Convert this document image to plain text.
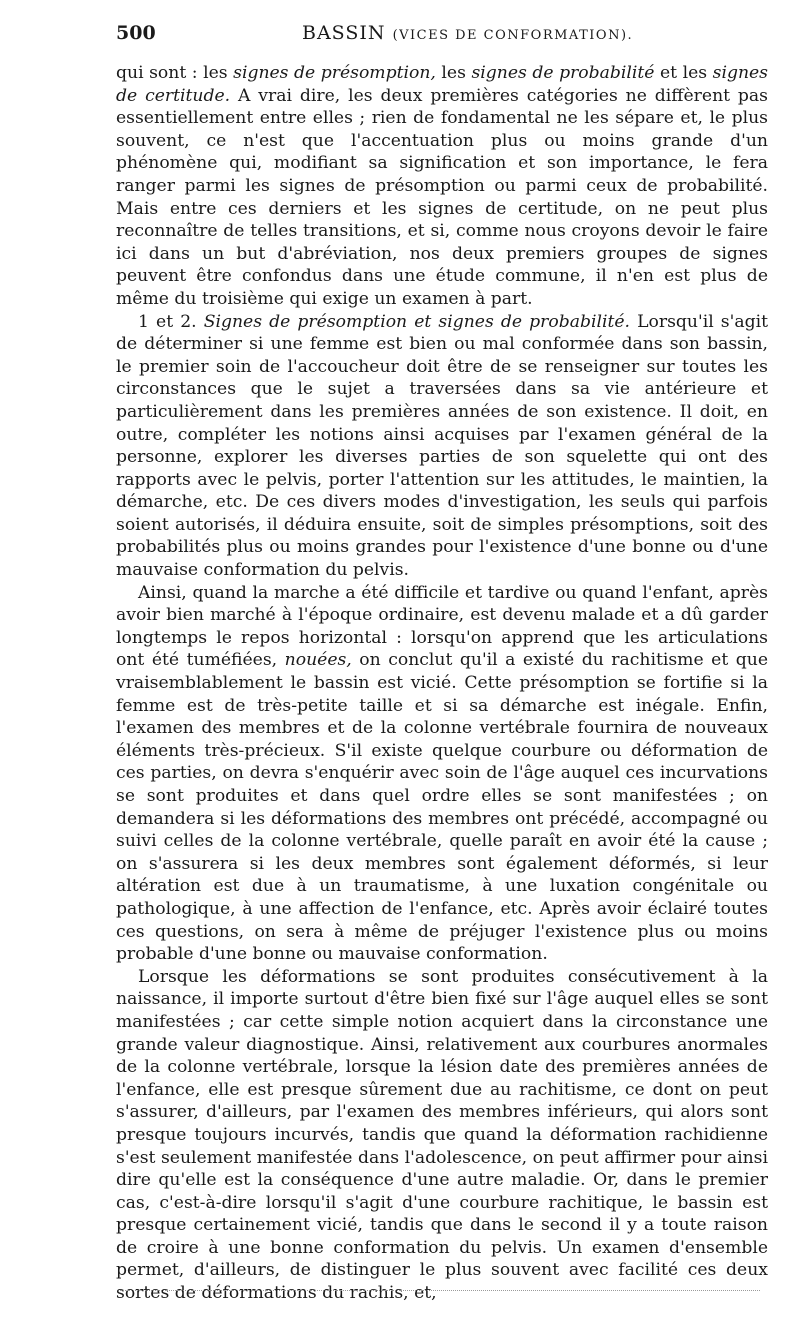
500	BASSIN (VICES DE CONFORMATION).

qui sont : les signes de présomption, les signes de probabilité et les signes de certitude. A vrai dire, les deux premières catégories ne diffèrent pas essentiellement entre elles ; rien de fondamental ne les sépare et, le plus souvent, ce n'est que l'accentuation plus ou moins grande d'un phénomène qui, modifiant sa signification et son importance, le fera ranger parmi les signes de présomption ou parmi ceux de probabilité. Mais entre ces derniers et les signes de certitude, on ne peut plus reconnaître de telles transitions, et si, comme nous croyons devoir le faire ici dans un but d'abréviation, nos deux premiers groupes de signes peuvent être confondus dans une étude commune, il n'en est plus de même du troisième qui exige un examen à part.

1 et 2. Signes de présomption et signes de probabilité. Lorsqu'il s'agit de déterminer si une femme est bien ou mal conformée dans son bassin, le premier soin de l'accoucheur doit être de se renseigner sur toutes les circonstances que le sujet a traversées dans sa vie antérieure et particulièrement dans les premières années de son existence. Il doit, en outre, compléter les notions ainsi acquises par l'examen général de la personne, explorer les diverses parties de son squelette qui ont des rapports avec le pelvis, porter l'attention sur les attitudes, le maintien, la démarche, etc. De ces divers modes d'investigation, les seuls qui parfois soient autorisés, il déduira ensuite, soit de simples présomptions, soit des probabilités plus ou moins grandes pour l'existence d'une bonne ou d'une mauvaise conformation du pelvis.

Ainsi, quand la marche a été difficile et tardive ou quand l'enfant, après avoir bien marché à l'époque ordinaire, est devenu malade et a dû garder longtemps le repos horizontal : lorsqu'on apprend que les articulations ont été tuméfiées, nouées, on conclut qu'il a existé du rachitisme et que vraisemblablement le bassin est vicié. Cette présomption se fortifie si la femme est de très-petite taille et si sa démarche est inégale. Enfin, l'examen des membres et de la colonne vertébrale fournira de nouveaux éléments très-précieux. S'il existe quelque courbure ou déformation de ces parties, on devra s'enquérir avec soin de l'âge auquel ces incurvations se sont produites et dans quel ordre elles se sont manifestées ; on demandera si les déformations des membres ont précédé, accompagné ou suivi celles de la colonne vertébrale, quelle paraît en avoir été la cause ; on s'assurera si les deux membres sont également déformés, si leur altération est due à un traumatisme, à une luxation congénitale ou pathologique, à une affection de l'enfance, etc. Après avoir éclairé toutes ces questions, on sera à même de préjuger l'existence plus ou moins probable d'une bonne ou mauvaise conformation.

Lorsque les déformations se sont produites consécutivement à la naissance, il importe surtout d'être bien fixé sur l'âge auquel elles se sont manifestées ; car cette simple notion acquiert dans la circonstance une grande valeur diagnostique. Ainsi, relativement aux courbures anormales de la colonne vertébrale, lorsque la lésion date des premières années de l'enfance, elle est presque sûrement due au rachitisme, ce dont on peut s'assurer, d'ailleurs, par l'examen des membres inférieurs, qui alors sont presque toujours incurvés, tandis que quand la déformation rachidienne s'est seulement manifestée dans l'adolescence, on peut affirmer pour ainsi dire qu'elle est la conséquence d'une autre maladie. Or, dans le premier cas, c'est-à-dire lorsqu'il s'agit d'une courbure rachitique, le bassin est presque certainement vicié, tandis que dans le second il y a toute raison de croire à une bonne conformation du pelvis. Un examen d'ensemble permet, d'ailleurs, de distinguer le plus souvent avec facilité ces deux sortes de déformations du rachis, et,
